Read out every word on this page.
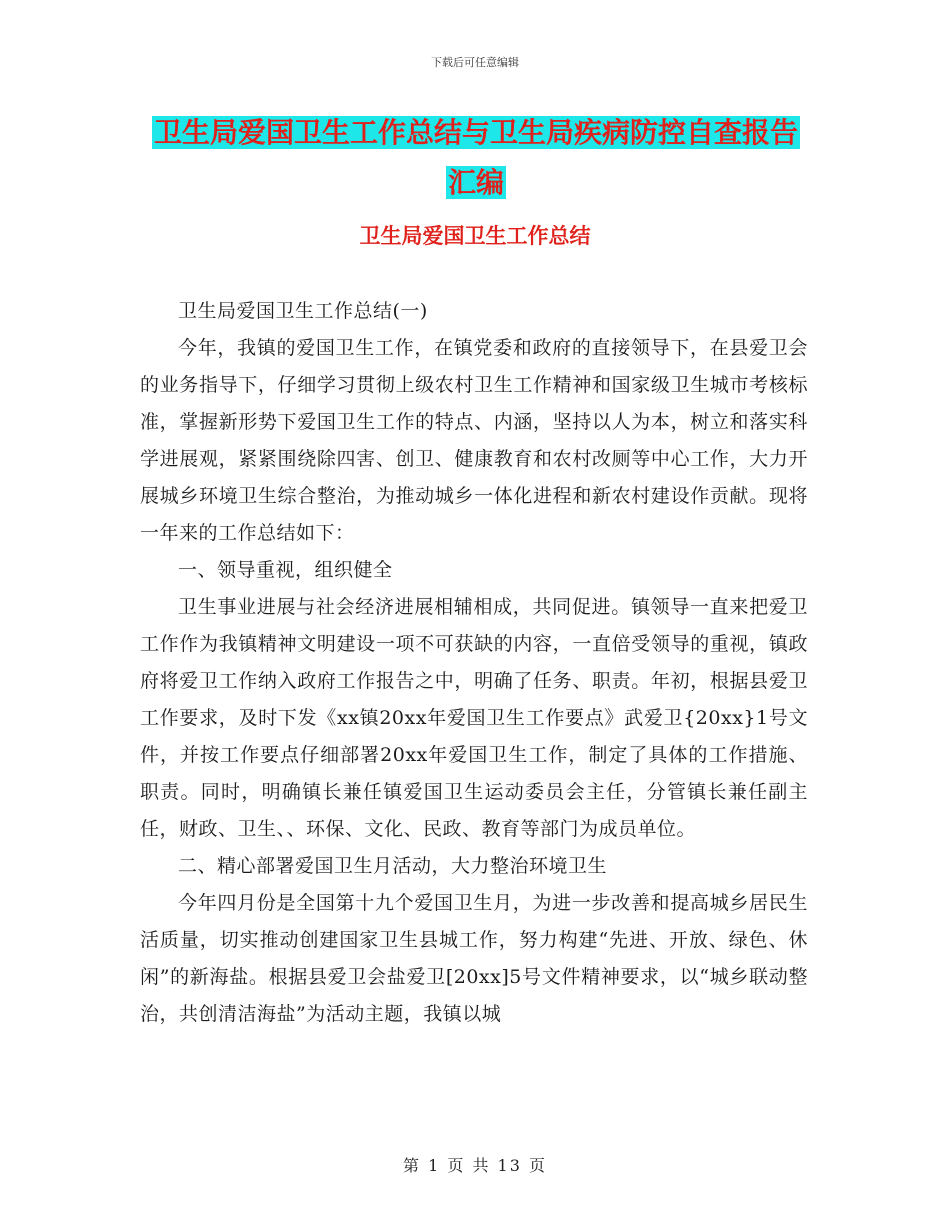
下载后可任意编辑
卫生局爱国卫生工作总结与卫生局疾病防控自查报告
汇编
卫生局爱国卫生工作总结

卫生局爱国卫生工作总结(一)

今年，我镇的爱国卫生工作，在镇党委和政府的直接领导下，在县爱卫会的业务指导下，仔细学习贯彻上级农村卫生工作精神和国家级卫生城市考核标准，掌握新形势下爱国卫生工作的特点、内涵，坚持以人为本，树立和落实科学进展观，紧紧围绕除四害、创卫、健康教育和农村改厕等中心工作，大力开展城乡环境卫生综合整治，为推动城乡一体化进程和新农村建设作贡献。现将一年来的工作总结如下：

一、领导重视，组织健全

卫生事业进展与社会经济进展相辅相成，共同促进。镇领导一直来把爱卫工作作为我镇精神文明建设一项不可获缺的内容，一直倍受领导的重视，镇政府将爱卫工作纳入政府工作报告之中，明确了任务、职责。年初，根据县爱卫工作要求，及时下发《xx镇20xx年爱国卫生工作要点》武爱卫{20xx}1号文件，并按工作要点仔细部署20xx年爱国卫生工作，制定了具体的工作措施、职责。同时，明确镇长兼任镇爱国卫生运动委员会主任，分管镇长兼任副主任，财政、卫生、、环保、文化、民政、教育等部门为成员单位。

二、精心部署爱国卫生月活动，大力整治环境卫生

今年四月份是全国第十九个爱国卫生月，为进一步改善和提高城乡居民生活质量，切实推动创建国家卫生县城工作，努力构建“先进、开放、绿色、休闲”的新海盐。根据县爱卫会盐爱卫[20xx]5号文件精神要求，以“城乡联动整治，共创清洁海盐”为活动主题，我镇以城

第 1 页 共 13 页
